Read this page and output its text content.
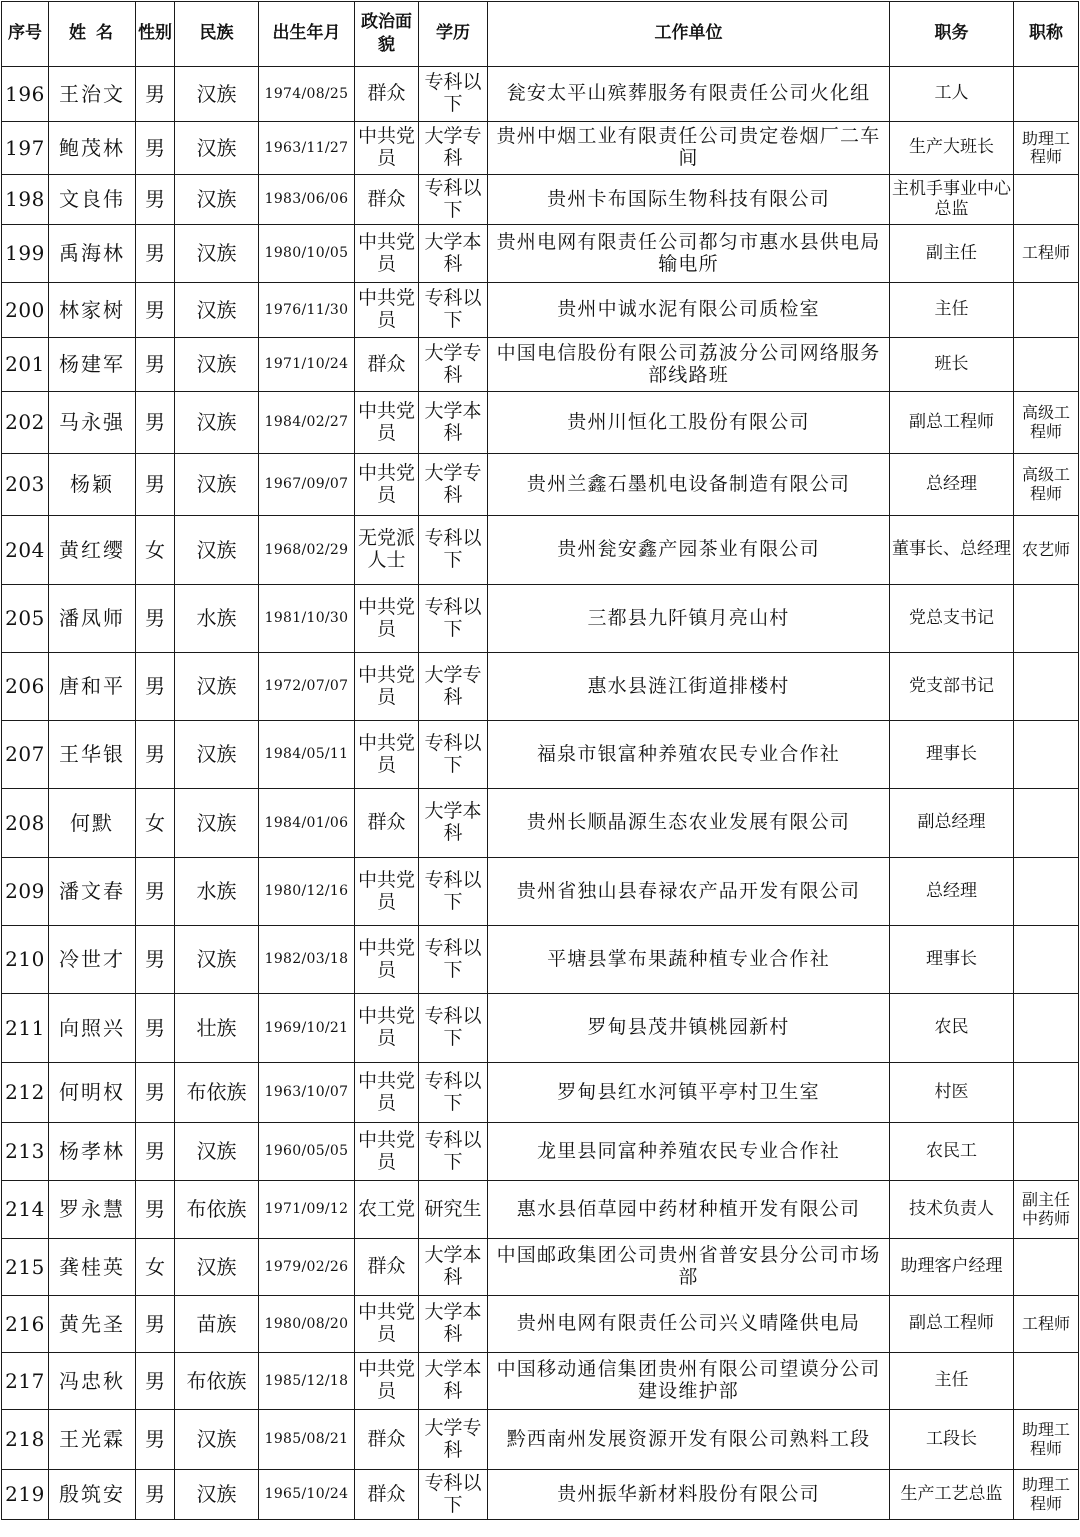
序号	姓 名	性别	民族	出生年月	政治面貌	学历	工作单位	职务	职称
196	王治文	男	汉族	1974/08/25	群众	专科以下	瓮安太平山殡葬服务有限责任公司火化组	工人	
197	鲍茂林	男	汉族	1963/11/27	中共党员	大学专科	贵州中烟工业有限责任公司贵定卷烟厂二车间	生产大班长	助理工程师
198	文良伟	男	汉族	1983/06/06	群众	专科以下	贵州卡布国际生物科技有限公司	主机手事业中心总监	
199	禹海林	男	汉族	1980/10/05	中共党员	大学本科	贵州电网有限责任公司都匀市惠水县供电局输电所	副主任	工程师
200	林家树	男	汉族	1976/11/30	中共党员	专科以下	贵州中诚水泥有限公司质检室	主任	
201	杨建军	男	汉族	1971/10/24	群众	大学专科	中国电信股份有限公司荔波分公司网络服务部线路班	班长	
202	马永强	男	汉族	1984/02/27	中共党员	大学本科	贵州川恒化工股份有限公司	副总工程师	高级工程师
203	杨颖	男	汉族	1967/09/07	中共党员	大学专科	贵州兰鑫石墨机电设备制造有限公司	总经理	高级工程师
204	黄红缨	女	汉族	1968/02/29	无党派人士	专科以下	贵州瓮安鑫产园茶业有限公司	董事长、总经理	农艺师
205	潘凤师	男	水族	1981/10/30	中共党员	专科以下	三都县九阡镇月亮山村	党总支书记	
206	唐和平	男	汉族	1972/07/07	中共党员	大学专科	惠水县涟江街道排楼村	党支部书记	
207	王华银	男	汉族	1984/05/11	中共党员	专科以下	福泉市银富种养殖农民专业合作社	理事长	
208	何默	女	汉族	1984/01/06	群众	大学本科	贵州长顺晶源生态农业发展有限公司	副总经理	
209	潘文春	男	水族	1980/12/16	中共党员	专科以下	贵州省独山县春禄农产品开发有限公司	总经理	
210	冷世才	男	汉族	1982/03/18	中共党员	专科以下	平塘县掌布果蔬种植专业合作社	理事长	
211	向照兴	男	壮族	1969/10/21	中共党员	专科以下	罗甸县茂井镇桃园新村	农民	
212	何明权	男	布依族	1963/10/07	中共党员	专科以下	罗甸县红水河镇平亭村卫生室	村医	
213	杨孝林	男	汉族	1960/05/05	中共党员	专科以下	龙里县同富种养殖农民专业合作社	农民工	
214	罗永慧	男	布依族	1971/09/12	农工党	研究生	惠水县佰草园中药材种植开发有限公司	技术负责人	副主任中药师
215	龚桂英	女	汉族	1979/02/26	群众	大学本科	中国邮政集团公司贵州省普安县分公司市场部	助理客户经理	
216	黄先圣	男	苗族	1980/08/20	中共党员	大学本科	贵州电网有限责任公司兴义晴隆供电局	副总工程师	工程师
217	冯忠秋	男	布依族	1985/12/18	中共党员	大学本科	中国移动通信集团贵州有限公司望谟分公司建设维护部	主任	
218	王光霖	男	汉族	1985/08/21	群众	大学专科	黔西南州发展资源开发有限公司熟料工段	工段长	助理工程师
219	殷筑安	男	汉族	1965/10/24	群众	专科以下	贵州振华新材料股份有限公司	生产工艺总监	助理工程师
